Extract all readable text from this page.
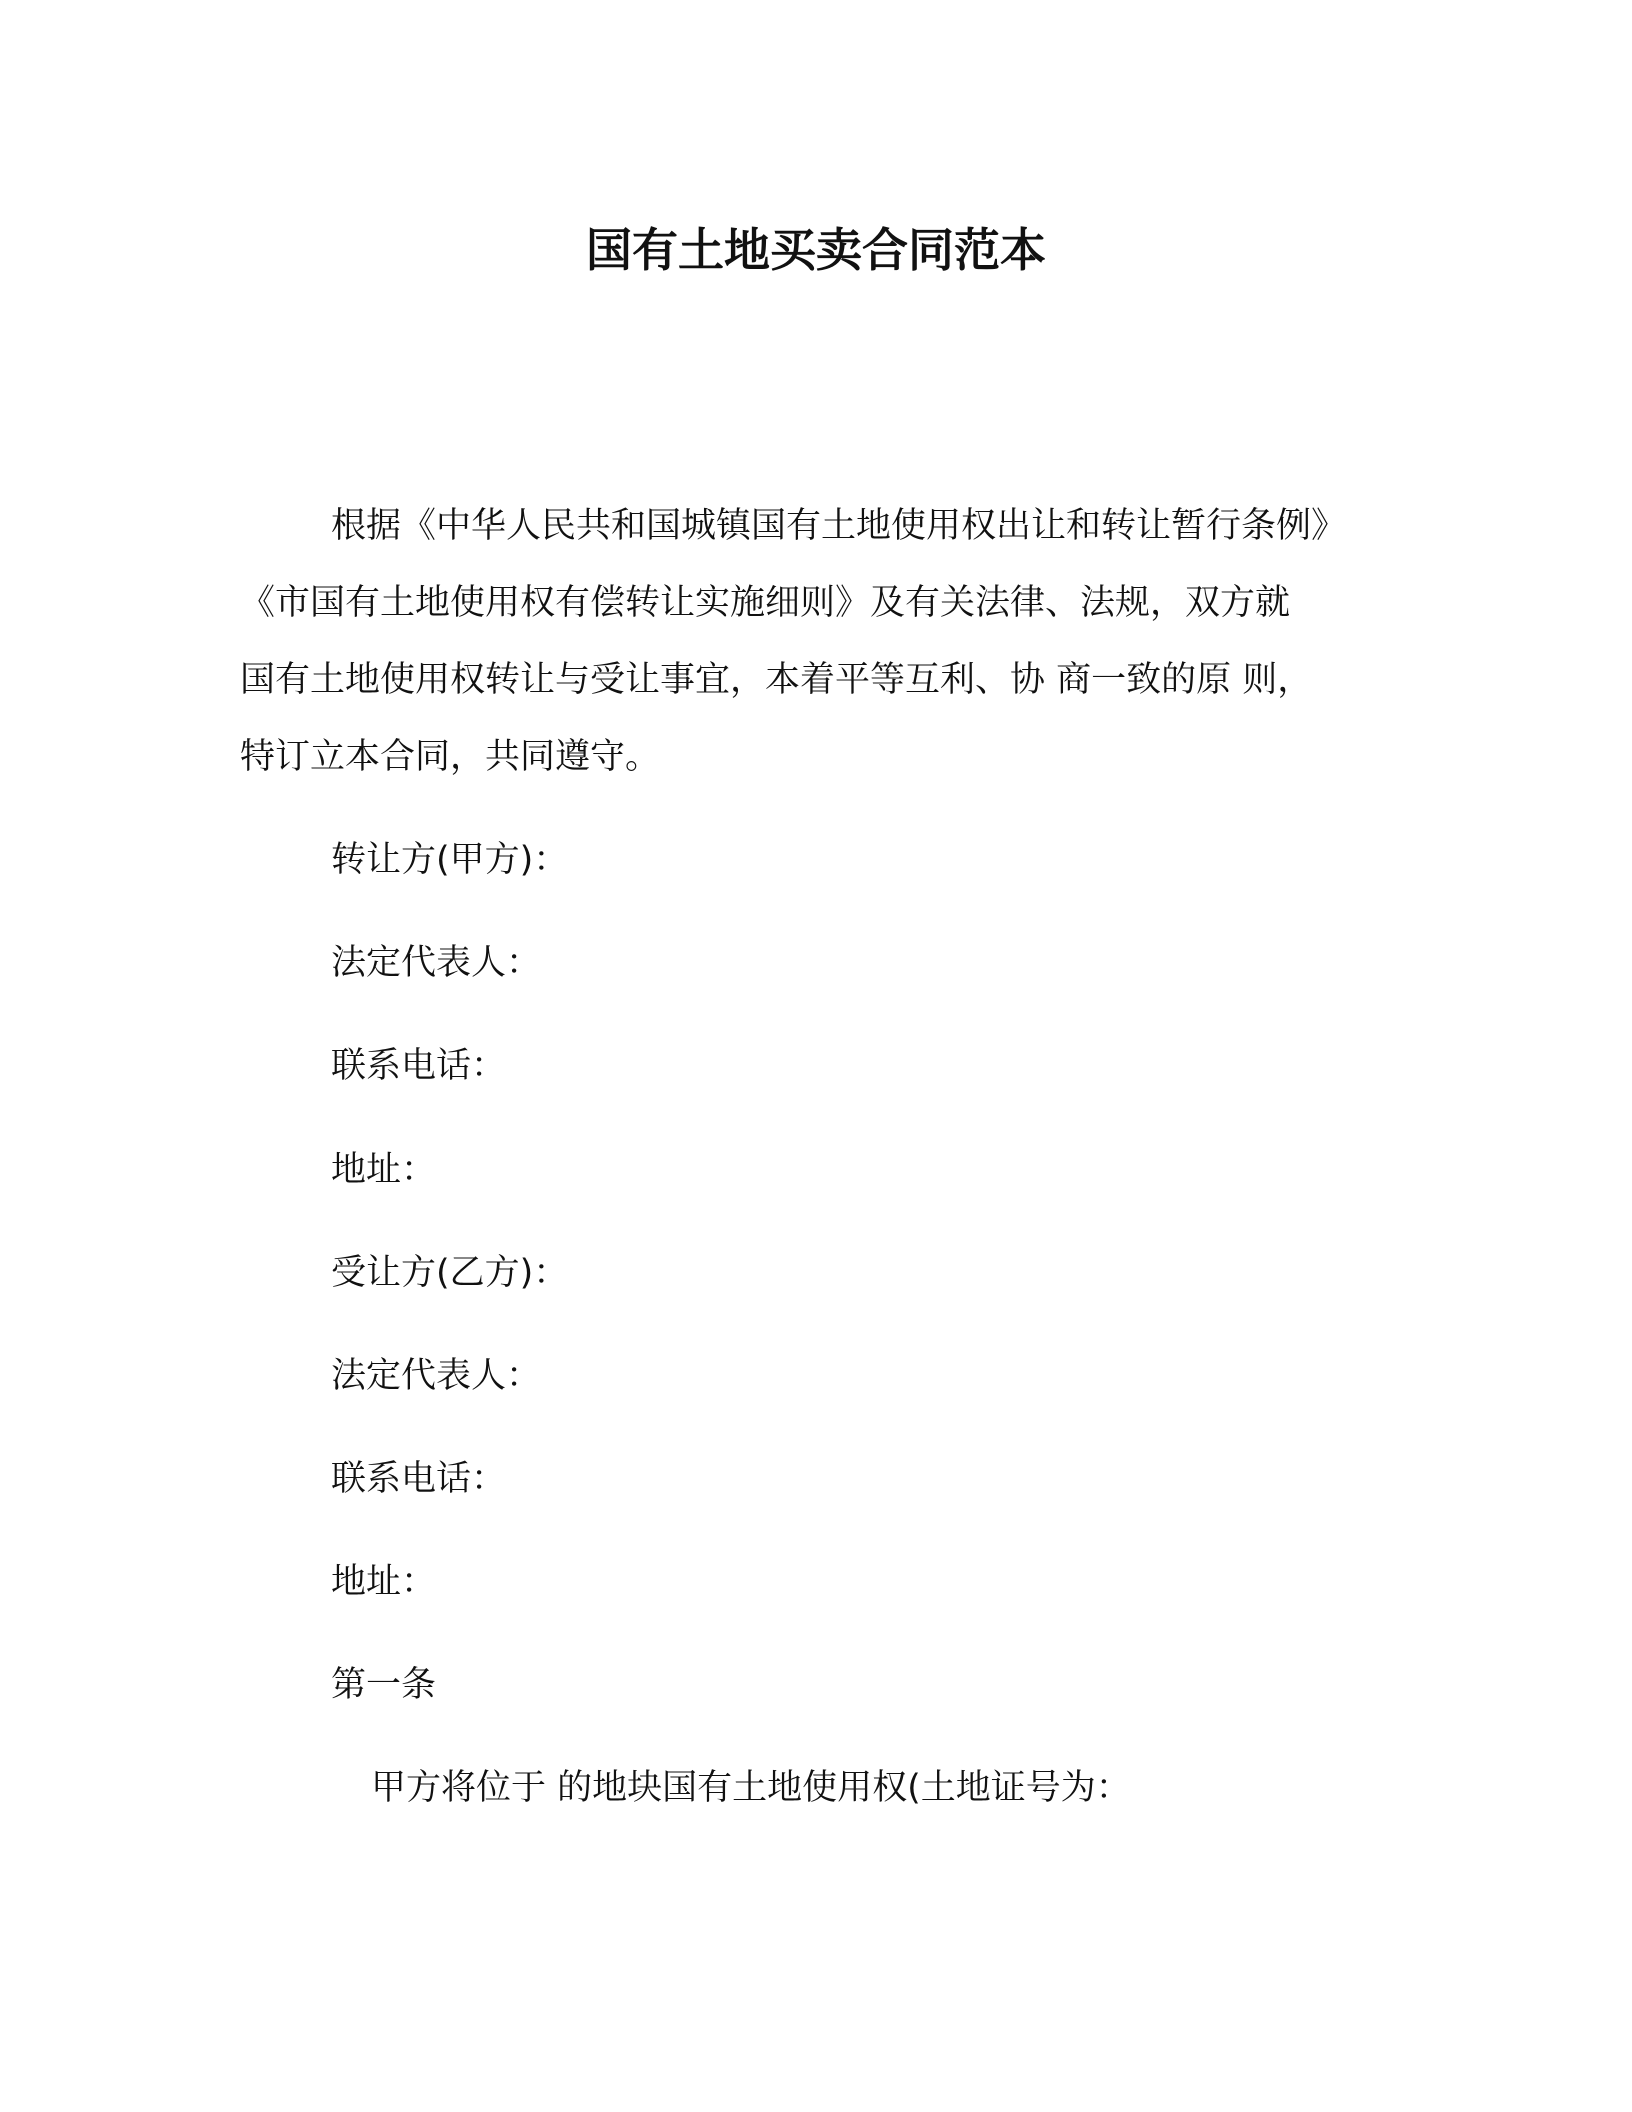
国有土地买卖合同范本
根据《中华人民共和国城镇国有土地使用权出让和转让暂行条例》
《市国有土地使用权有偿转让实施细则》及有关法律、法规，双方就
国有土地使用权转让与受让事宜，本着平等互利、协 商一致的原 则，
特订立本合同，共同遵守。
转让方(甲方)：
法定代表人：
联系电话：
地址：
受让方(乙方)：
法定代表人：
联系电话：
地址：
第一条
甲方将位于 的地块国有土地使用权(土地证号为：
